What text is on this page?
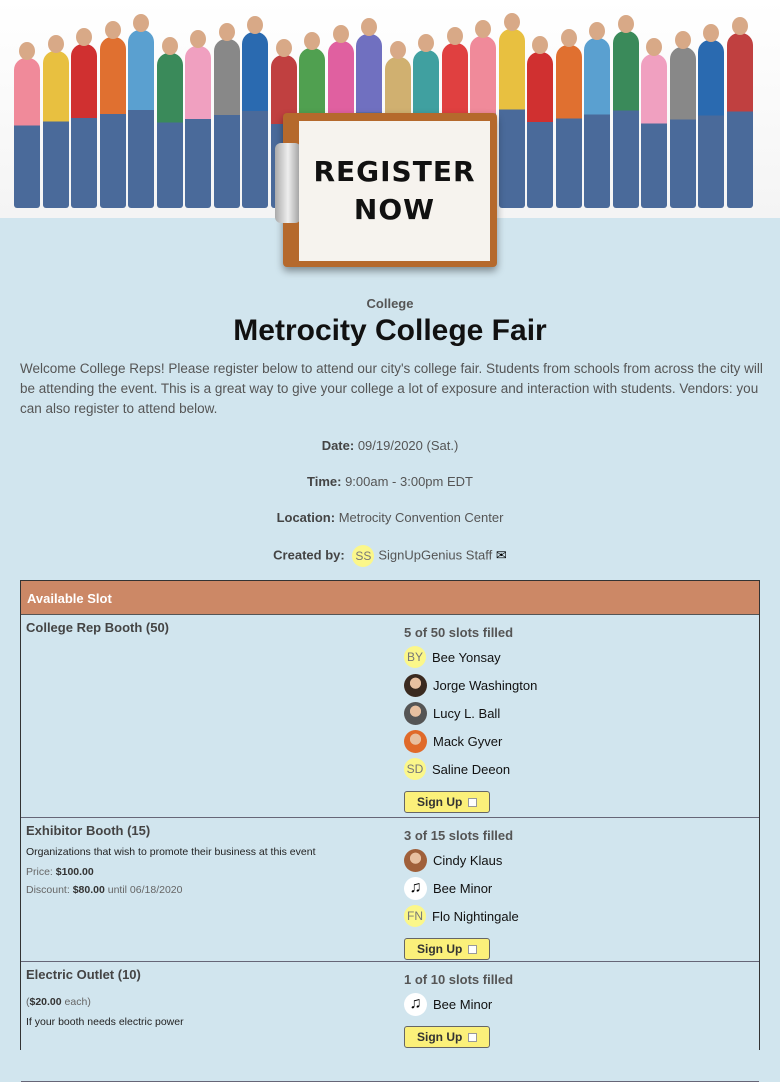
REGISTER
NOW
College
Metrocity College Fair
Welcome College Reps! Please register below to attend our city's college fair. Students from schools from across the city will be attending the event. This is a great way to give your college a lot of exposure and interaction with students. Vendors: you can also register to attend below.
Date: 09/19/2020 (Sat.)
Time: 9:00am - 3:00pm EDT
Location: Metrocity Convention Center
Created by: SS SignUpGenius Staff ✉
Available Slot
College Rep Booth (50)	5 of 50 slots filled
BY Bee Yonsay
Jorge Washington
Lucy L. Ball
Mack Gyver
SD Saline Deeon
Sign Up
Exhibitor Booth (15)
Organizations that wish to promote their business at this event
Price: $100.00
Discount: $80.00 until 06/18/2020
3 of 15 slots filled
Cindy Klaus
♫ Bee Minor
FN Flo Nightingale
Sign Up
Electric Outlet (10)
($20.00 each)
If your booth needs electric power
1 of 10 slots filled
♫ Bee Minor
Sign Up
